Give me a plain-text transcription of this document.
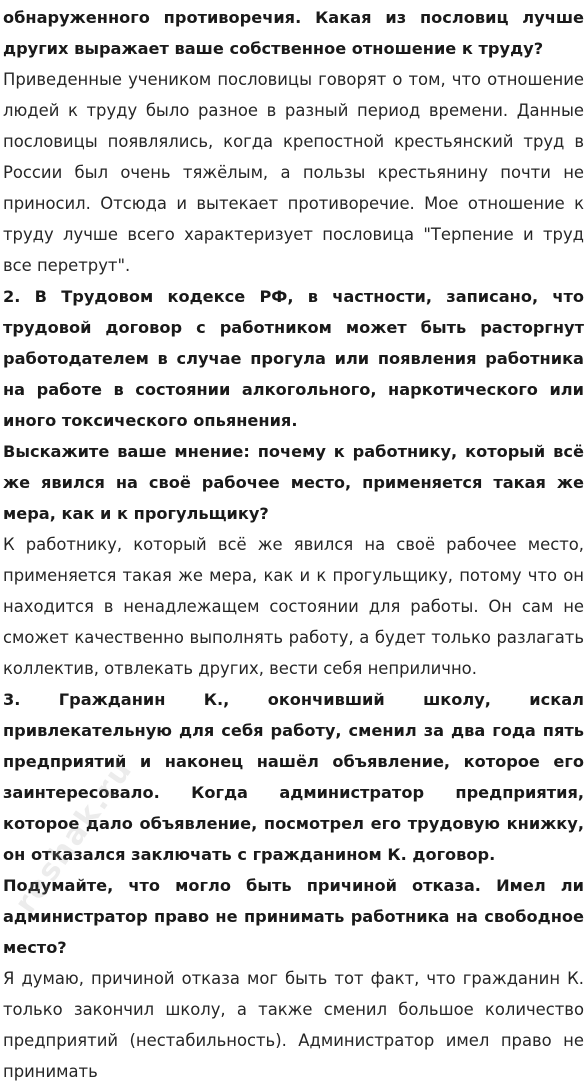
обнаруженного противоречия. Какая из пословиц лучше других выражает ваше собственное отношение к труду?

Приведенные учеником пословицы говорят о том, что отношение людей к труду было разное в разный период времени. Данные пословицы появлялись, когда крепостной крестьянский труд в России был очень тяжёлым, а пользы крестьянину почти не приносил. Отсюда и вытекает противоречие. Мое отношение к труду лучше всего характеризует пословица "Терпение и труд все перетрут".

2. В Трудовом кодексе РФ, в частности, записано, что трудовой договор с работником может быть расторгнут работодателем в случае прогула или появления работника на работе в состоянии алкогольного, наркотического или иного токсического опьянения.

Выскажите ваше мнение: почему к работнику, который всё же явился на своё рабочее место, применяется такая же мера, как и к прогульщику?

К работнику, который всё же явился на своё рабочее место, применяется такая же мера, как и к прогульщику, потому что он находится в ненадлежащем состоянии для работы. Он сам не сможет качественно выполнять работу, а будет только разлагать коллектив, отвлекать других, вести себя неприлично.

3. Гражданин К., окончивший школу, искал привлекательную для себя работу, сменил за два года пять предприятий и наконец нашёл объявление, которое его заинтересовало. Когда администратор предприятия, которое дало объявление, посмотрел его трудовую книжку, он отказался заключать с гражданином К. договор.

Подумайте, что могло быть причиной отказа. Имел ли администратор право не принимать работника на свободное место?

Я думаю, причиной отказа мог быть тот факт, что гражданин К. только закончил школу, а также сменил большое количество предприятий (нестабильность). Администратор имел право не принимать

reshak.ru
